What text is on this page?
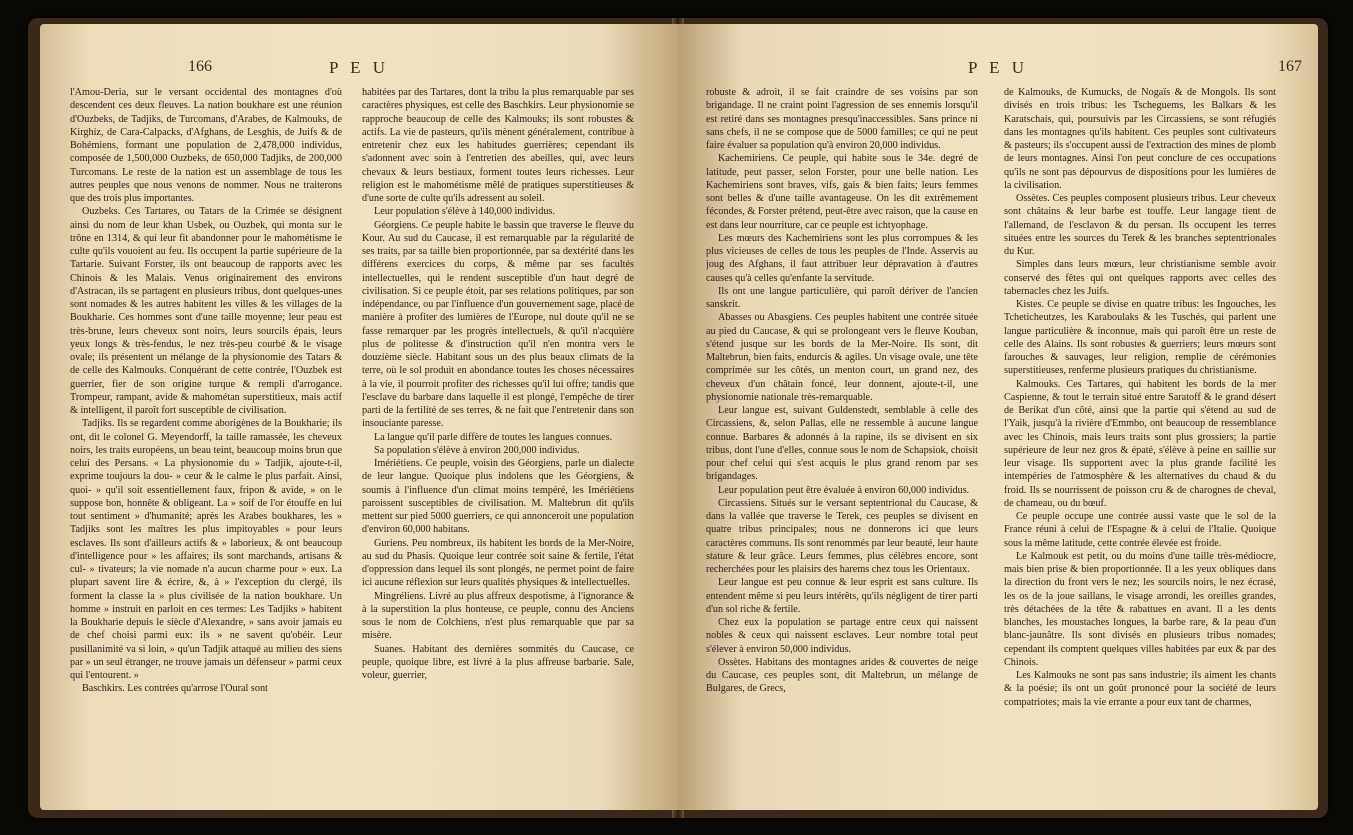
166	P E U

l'Amou-Deria, sur le versant occidental des montagnes d'où descendent ces deux fleuves. La nation boukhare est une réunion d'Ouzbeks, de Tadjiks, de Turcomans, d'Arabes, de Kalmouks, de Kirghiz, de Cara-Calpacks, d'Afghans, de Lesghis, de Juifs & de Bohémiens, formant une population de 2,478,000 individus, composée de 1,500,000 Ouzbeks, de 650,000 Tadjiks, de 200,000 Turcomans. Le reste de la nation est un assemblage de tous les autres peuples que nous venons de nommer. Nous ne traiterons que des trois plus importantes.

Ouzbeks. Ces Tartares, ou Tatars de la Crimée se désignent ainsi du nom de leur khan Usbek, ou Ouzbek, qui monta sur le trône en 1314, & qui leur fit abandonner pour le mahométisme le culte qu'ils vouoient au feu. Ils occupent la partie supérieure de la Tartarie. Suivant Forster, ils ont beaucoup de rapports avec les Chinois & les Malais. Venus originairement des environs d'Astracan, ils se partagent en plusieurs tribus, dont quelques-unes sont nomades & les autres habitent les villes & les villages de la Boukharie. Ces hommes sont d'une taille moyenne; leur peau est très-brune, leurs cheveux sont noirs, leurs sourcils épais, leurs yeux longs & très-fendus, le nez très-peu courbé & le visage ovale; ils présentent un mélange de la physionomie des Tatars & de celle des Kalmouks. Conquérant de cette contrée, l'Ouzbek est guerrier, fier de son origine turque & rempli d'arrogance. Trompeur, rampant, avide & mahométan superstitieux, mais actif & intelligent, il paroît fort susceptible de civilisation.

Tadjiks. Ils se regardent comme aborigènes de la Boukharie; ils ont, dit le colonel G. Meyendorff, la taille ramassée, les cheveux noirs, les traits européens, un beau teint, beaucoup moins brun que celui des Persans. « La physionomie du » Tadjik, ajoute-t-il, exprime toujours la dou- » ceur & le calme le plus parfait. Ainsi, quoi- » qu'il soit essentiellement faux, fripon & avide, » on le suppose bon, honnête & obligeant. La » soif de l'or étouffe en lui tout sentiment » d'humanité; après les Arabes boukhares, les » Tadjiks sont les maîtres les plus impitoyables » pour leurs esclaves. Ils sont d'ailleurs actifs & » laborieux, & ont beaucoup d'intelligence pour » les affaires; ils sont marchands, artisans & cul- » tivateurs; la vie nomade n'a aucun charme pour » eux. La plupart savent lire & écrire, &, à » l'exception du clergé, ils forment la classe la » plus civilisée de la nation boukhare. Un homme » instruit en parloit en ces termes: Les Tadjiks » habitent la Boukharie depuis le siècle d'Alexandre, » sans avoir jamais eu de chef choisi parmi eux: ils » ne savent qu'obéir. Leur pusillanimité va si loin, » qu'un Tadjik attaqué au milieu des siens par » un seul étranger, ne trouve jamais un défenseur » parmi ceux qui l'entourent. »

Baschkirs. Les contrées qu'arrose l'Oural sont

habitées par des Tartares, dont la tribu la plus remarquable par ses caractères physiques, est celle des Baschkirs. Leur physionomie se rapproche beaucoup de celle des Kalmouks; ils sont robustes & actifs. La vie de pasteurs, qu'ils mènent généralement, contribue à entretenir chez eux les habitudes guerrières; cependant ils s'adonnent avec soin à l'entretien des abeilles, qui, avec leurs chevaux & leurs bestiaux, forment toutes leurs richesses. Leur religion est le mahométisme mêlé de pratiques superstitieuses & d'une sorte de culte qu'ils adressent au soleil.

Leur population s'élève à 140,000 individus.

Géorgiens. Ce peuple habite le bassin que traverse le fleuve du Kour. Au sud du Caucase, il est remarquable par la régularité de ses traits, par sa taille bien proportionnée, par sa dextérité dans les différens exercices du corps, & même par ses facultés intellectuelles, qui le rendent susceptible d'un haut degré de civilisation. Si ce peuple étoit, par ses relations politiques, par son indépendance, ou par l'influence d'un gouvernement sage, placé de manière à profiter des lumières de l'Europe, nul doute qu'il ne se fasse remarquer par les progrès intellectuels, & qu'il n'acquière plus de politesse & d'instruction qu'il n'en montra vers le douzième siècle. Habitant sous un des plus beaux climats de la terre, où le sol produit en abondance toutes les choses nécessaires à la vie, il pourroit profiter des richesses qu'il lui offre; tandis que l'esclave du barbare dans laquelle il est plongé, l'empêche de tirer parti de la fertilité de ses terres, & ne fait que l'entretenir dans son insouciante paresse.

La langue qu'il parle diffère de toutes les langues connues.

Sa population s'élève à environ 200,000 individus.

Imériétiens. Ce peuple, voisin des Géorgiens, parle un dialecte de leur langue. Quoique plus indolens que les Géorgiens, & soumis à l'influence d'un climat moins tempéré, les Imériétiens paroissent susceptibles de civilisation. M. Maltebrun dit qu'ils mettent sur pied 5000 guerriers, ce qui annonceroit une population d'environ 60,000 habitans.

Guriens. Peu nombreux, ils habitent les bords de la Mer-Noire, au sud du Phasis. Quoique leur contrée soit saine & fertile, l'état d'oppression dans lequel ils sont plongés, ne permet point de faire ici aucune réflexion sur leurs qualités physiques & intellectuelles.

Mingréliens. Livré au plus affreux despotisme, à l'ignorance & à la superstition la plus honteuse, ce peuple, connu des Anciens sous le nom de Colchiens, n'est plus remarquable que par sa misère.

Suanes. Habitant des dernières sommités du Caucase, ce peuple, quoique libre, est livré à la plus affreuse barbarie. Sale, voleur, guerrier,

P E U	167

robuste & adroit, il se fait craindre de ses voisins par son brigandage. Il ne craint point l'agression de ses ennemis lorsqu'il est retiré dans ses montagnes presqu'inaccessibles. Sans prince ni sans chefs, il ne se compose que de 5000 familles; ce qui ne peut faire évaluer sa population qu'à environ 20,000 individus.

Kachemiriens. Ce peuple, qui habite sous le 34e. degré de latitude, peut passer, selon Forster, pour une belle nation. Les Kachemiriens sont braves, vifs, gais & bien faits; leurs femmes sont belles & d'une taille avantageuse. On les dit extrêmement fécondes, & Forster prétend, peut-être avec raison, que la cause en est dans leur nourriture, car ce peuple est ichtyophage.

Les mœurs des Kachemiriens sont les plus corrompues & les plus vicieuses de celles de tous les peuples de l'Inde. Asservis au joug des Afghans, il faut attribuer leur dépravation à d'autres causes qu'à celles qu'enfante la servitude.

Ils ont une langue particulière, qui paroît dériver de l'ancien sanskrit.

Abasses ou Abasgiens. Ces peuples habitent une contrée située au pied du Caucase, & qui se prolongeant vers le fleuve Kouban, s'étend jusque sur les bords de la Mer-Noire. Ils sont, dit Maltebrun, bien faits, endurcis & agiles. Un visage ovale, une tête comprimée sur les côtés, un menton court, un grand nez, des cheveux d'un châtain foncé, leur donnent, ajoute-t-il, une physionomie nationale très-remarquable.

Leur langue est, suivant Guldenstedt, semblable à celle des Circassiens, &, selon Pallas, elle ne ressemble à aucune langue connue. Barbares & adonnés à la rapine, ils se divisent en six tribus, dont l'une d'elles, connue sous le nom de Schapsiok, choisit pour chef celui qui s'est acquis le plus grand renom par ses brigandages.

Leur population peut être évaluée à environ 60,000 individus.

Circassiens. Situés sur le versant septentrional du Caucase, & dans la vallée que traverse le Terek, ces peuples se divisent en quatre tribus principales; nous ne donnerons ici que leurs caractères communs. Ils sont renommés par leur beauté, leur haute stature & leur grâce. Leurs femmes, plus célèbres encore, sont recherchées pour les plaisirs des harems chez tous les Orientaux.

Leur langue est peu connue & leur esprit est sans culture. Ils entendent même si peu leurs intérêts, qu'ils négligent de tirer parti d'un sol riche & fertile.

Chez eux la population se partage entre ceux qui naissent nobles & ceux qui naissent esclaves. Leur nombre total peut s'élever à environ 50,000 individus.

Ossètes. Habitans des montagnes arides & couvertes de neige du Caucase, ces peuples sont, dit Maltebrun, un mélange de Bulgares, de Grecs,

de Kalmouks, de Kumucks, de Nogaïs & de Mongols. Ils sont divisés en trois tribus: les Tscheguems, les Balkars & les Karatschais, qui, poursuivis par les Circassiens, se sont réfugiés dans les montagnes qu'ils habitent. Ces peuples sont cultivateurs & pasteurs; ils s'occupent aussi de l'extraction des mines de plomb de leurs montagnes. Ainsi l'on peut conclure de ces occupations qu'ils ne sont pas dépourvus de dispositions pour les lumières de la civilisation.

Ossètes. Ces peuples composent plusieurs tribus. Leur cheveux sont châtains & leur barbe est touffe. Leur langage tient de l'allemand, de l'esclavon & du persan. Ils occupent les terres situées entre les sources du Terek & les branches septentrionales du Kur.

Simples dans leurs mœurs, leur christianisme semble avoir conservé des fêtes qui ont quelques rapports avec celles des tabernacles chez les Juifs.

Kistes. Ce peuple se divise en quatre tribus: les Ingouches, les Tcheticheutzes, les Karaboulaks & les Tuschés, qui parlent une langue particulière & inconnue, mais qui paroît être un reste de celle des Alains. Ils sont robustes & guerriers; leurs mœurs sont farouches & sauvages, leur religion, remplie de cérémonies superstitieuses, renferme plusieurs pratiques du christianisme.

Kalmouks. Ces Tartares, qui habitent les bords de la mer Caspienne, & tout le terrain situé entre Saratoff & le grand désert de Berikat d'un côté, ainsi que la partie qui s'étend au sud de l'Yaik, jusqu'à la rivière d'Emmbo, ont beaucoup de ressemblance avec les Chinois, mais leurs traits sont plus grossiers; la partie supérieure de leur nez gros & épaté, s'élève à peine en saillie sur leur visage. Ils supportent avec la plus grande facilité les intempéries de l'atmosphère & les alternatives du chaud & du froid. Ils se nourrissent de poisson cru & de charognes de cheval, de chameau, ou du bœuf.

Ce peuple occupe une contrée aussi vaste que le sol de la France réuni à celui de l'Espagne & à celui de l'Italie. Quoique sous la même latitude, cette contrée élevée est froide.

Le Kalmouk est petit, ou du moins d'une taille très-médiocre, mais bien prise & bien proportionnée. Il a les yeux obliques dans la direction du front vers le nez; les sourcils noirs, le nez écrasé, les os de la joue saillans, le visage arrondi, les oreilles grandes, très détachées de la tête & rabattues en avant. Il a les dents blanches, les moustaches longues, la barbe rare, & la peau d'un blanc-jaunâtre. Ils sont divisés en plusieurs tribus nomades; cependant ils comptent quelques villes habitées par eux & par des Chinois.

Les Kalmouks ne sont pas sans industrie; ils aiment les chants & la poésie; ils ont un goût prononcé pour la société de leurs compatriotes; mais la vie errante a pour eux tant de charmes,
